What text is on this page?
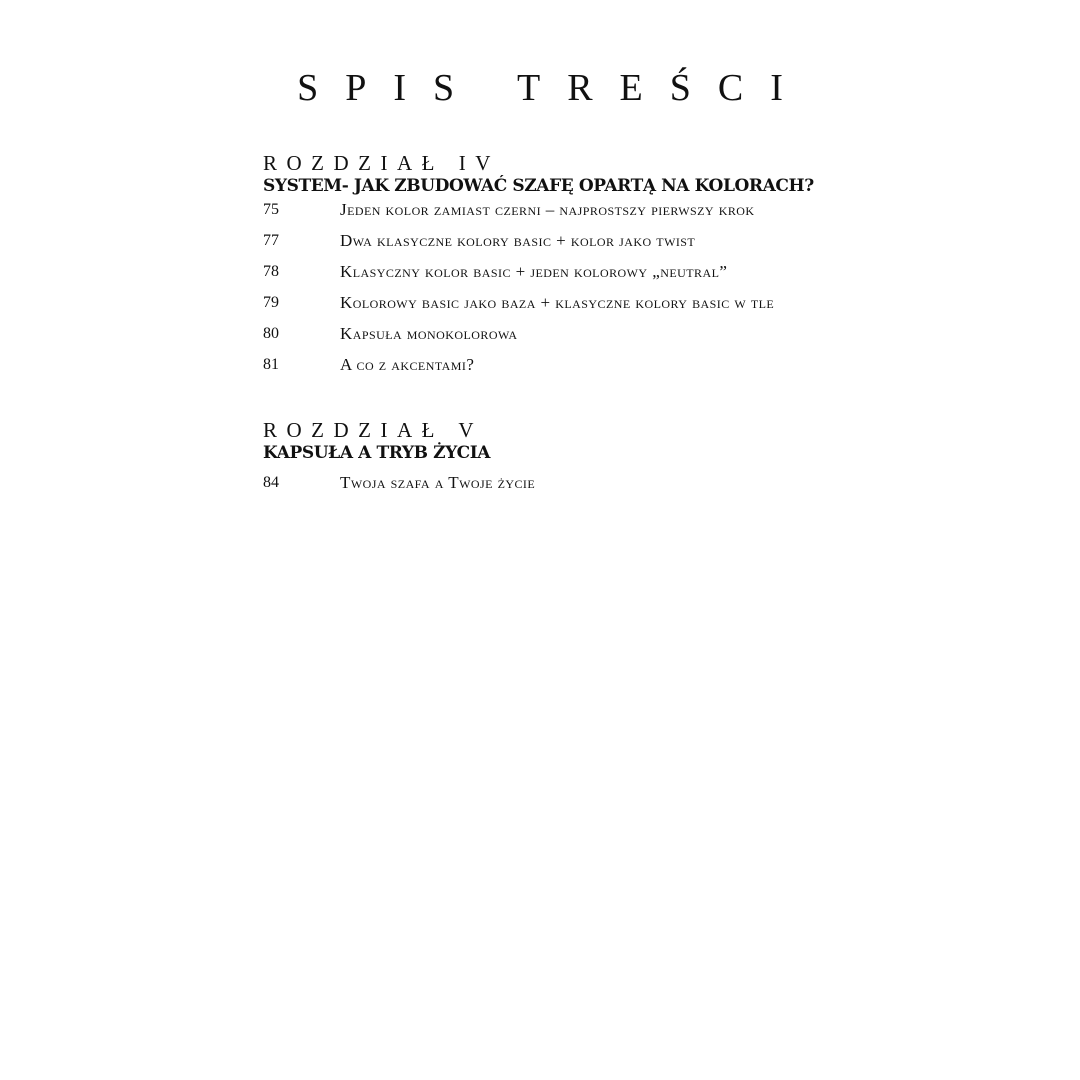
SPIS TREŚCI
ROZDZIAŁ IV
SYSTEM- JAK ZBUDOWAĆ SZAFĘ OPARTĄ NA KOLORACH?
75	Jeden kolor zamiast czerni – najprostszy pierwszy krok
77	Dwa klasyczne kolory basic + kolor jako twist
78	Klasyczny kolor basic + jeden kolorowy „neutral”
79	Kolorowy basic jako baza + klasyczne kolory basic w tle
80	Kapsuła monokolorowa
81	A co z akcentami?
ROZDZIAŁ V
KAPSUŁA A TRYB ŻYCIA
84	Twoja szafa a Twoje życie
